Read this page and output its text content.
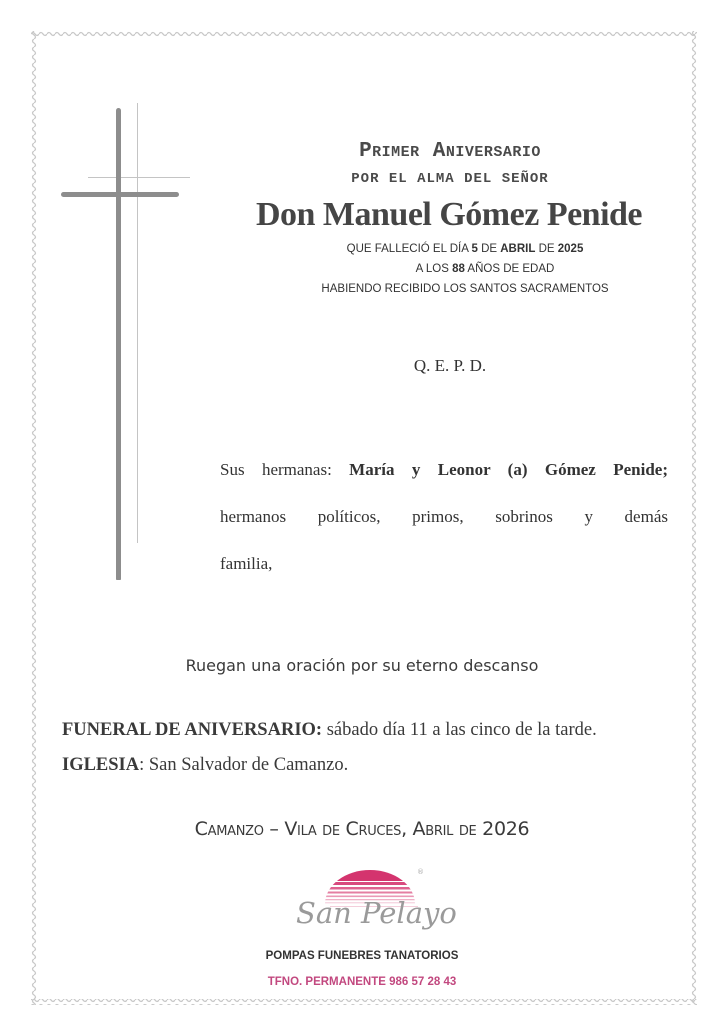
Primer Aniversario
POR EL ALMA DEL SEÑOR
Don Manuel Gómez Penide
QUE FALLECIÓ EL DÍA 5 DE ABRIL DE 2025
A LOS 88 AÑOS DE EDAD
HABIENDO RECIBIDO LOS SANTOS SACRAMENTOS
Q. E. P. D.
Sus hermanas: María y Leonor (a) Gómez Penide;
hermanos políticos, primos, sobrinos y demás
familia,
Ruegan una oración por su eterno descanso
FUNERAL DE ANIVERSARIO: sábado día 11 a las cinco de la tarde.
IGLESIA: San Salvador de Camanzo.
Camanzo – Vila de Cruces, Abril de 2026
®
San Pelayo
POMPAS FUNEBRES TANATORIOS
TFNO. PERMANENTE 986 57 28 43
